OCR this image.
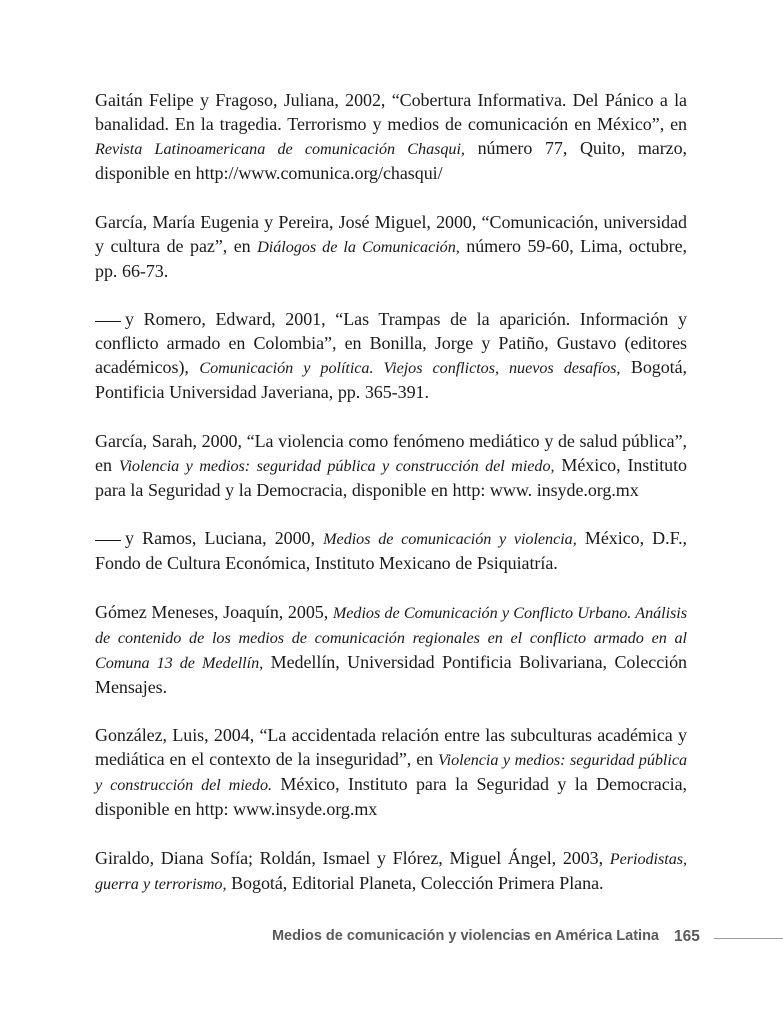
Gaitán Felipe y Fragoso, Juliana, 2002, “Cobertura Informativa. Del Pánico a la banalidad. En la tragedia. Terrorismo y medios de comunicación en México”, en Revista Latinoamericana de comunicación Chasqui, número 77, Quito, marzo, disponible en http://www.comunica.org/chasqui/

García, María Eugenia y Pereira, José Miguel, 2000, “Comunicación, universidad y cultura de paz”, en Diálogos de la Comunicación, número 59-60, Lima, octubre, pp. 66-73.

y Romero, Edward, 2001, “Las Trampas de la aparición. Información y conflicto armado en Colombia”, en Bonilla, Jorge y Patiño, Gustavo (editores académicos), Comunicación y política. Viejos conflictos, nuevos desafíos, Bogotá, Pontificia Universidad Javeriana, pp. 365-391.

García, Sarah, 2000, “La violencia como fenómeno mediático y de salud pública”, en Violencia y medios: seguridad pública y construcción del miedo, México, Instituto para la Seguridad y la Democracia, disponible en http: www. insyde.org.mx

y Ramos, Luciana, 2000, Medios de comunicación y violencia, México, D.F., Fondo de Cultura Económica, Instituto Mexicano de Psiquiatría.

Gómez Meneses, Joaquín, 2005, Medios de Comunicación y Conflicto Urbano. Análisis de contenido de los medios de comunicación regionales en el conflicto armado en al Comuna 13 de Medellín, Medellín, Universidad Pontificia Bolivariana, Colección Mensajes.

González, Luis, 2004, “La accidentada relación entre las subculturas académica y mediática en el contexto de la inseguridad”, en Violencia y medios: seguridad pública y construcción del miedo. México, Instituto para la Seguridad y la Democracia, disponible en http: www.insyde.org.mx

Giraldo, Diana Sofía; Roldán, Ismael y Flórez, Miguel Ángel, 2003, Periodistas, guerra y terrorismo, Bogotá, Editorial Planeta, Colección Primera Plana.

Medios de comunicación y violencias en América Latina 165
